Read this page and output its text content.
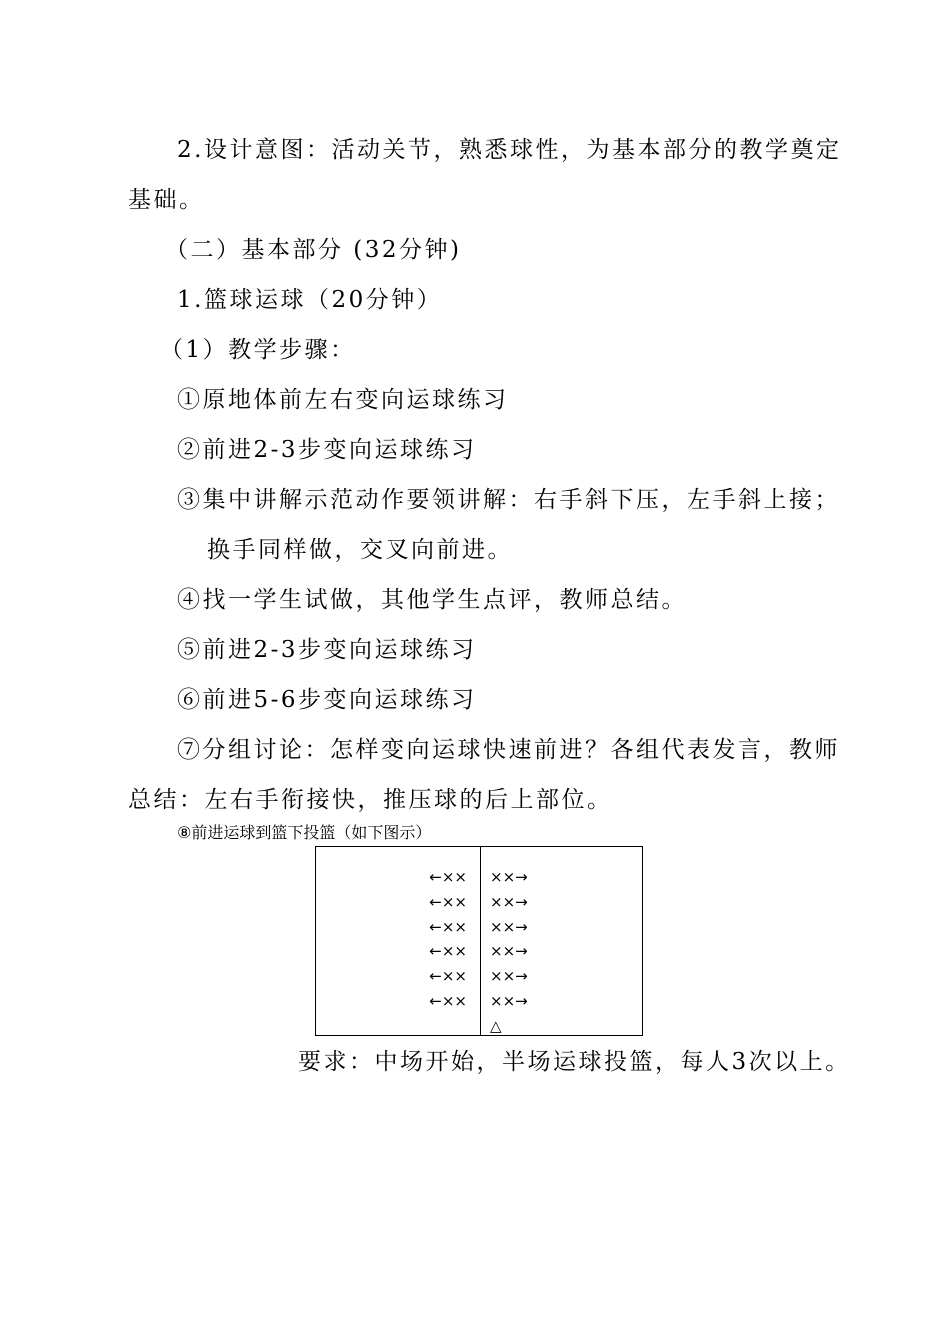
2.设计意图：活动关节，熟悉球性，为基本部分的教学奠定
基础。
（二）基本部分 (32分钟)
1.篮球运球（20分钟）
（1）教学步骤：
①原地体前左右变向运球练习
②前进2-3步变向运球练习
③集中讲解示范动作要领讲解：右手斜下压，左手斜上接；
换手同样做，交叉向前进。
④找一学生试做，其他学生点评，教师总结。
⑤前进2-3步变向运球练习
⑥前进5-6步变向运球练习
⑦分组讨论：怎样变向运球快速前进？各组代表发言，教师
总结：左右手衔接快，推压球的后上部位。
⑧前进运球到篮下投篮（如下图示）
←××
←××
←××
←××
←××
←××
××→
××→
××→
××→
××→
××→
△
要求：中场开始，半场运球投篮，每人3次以上。
